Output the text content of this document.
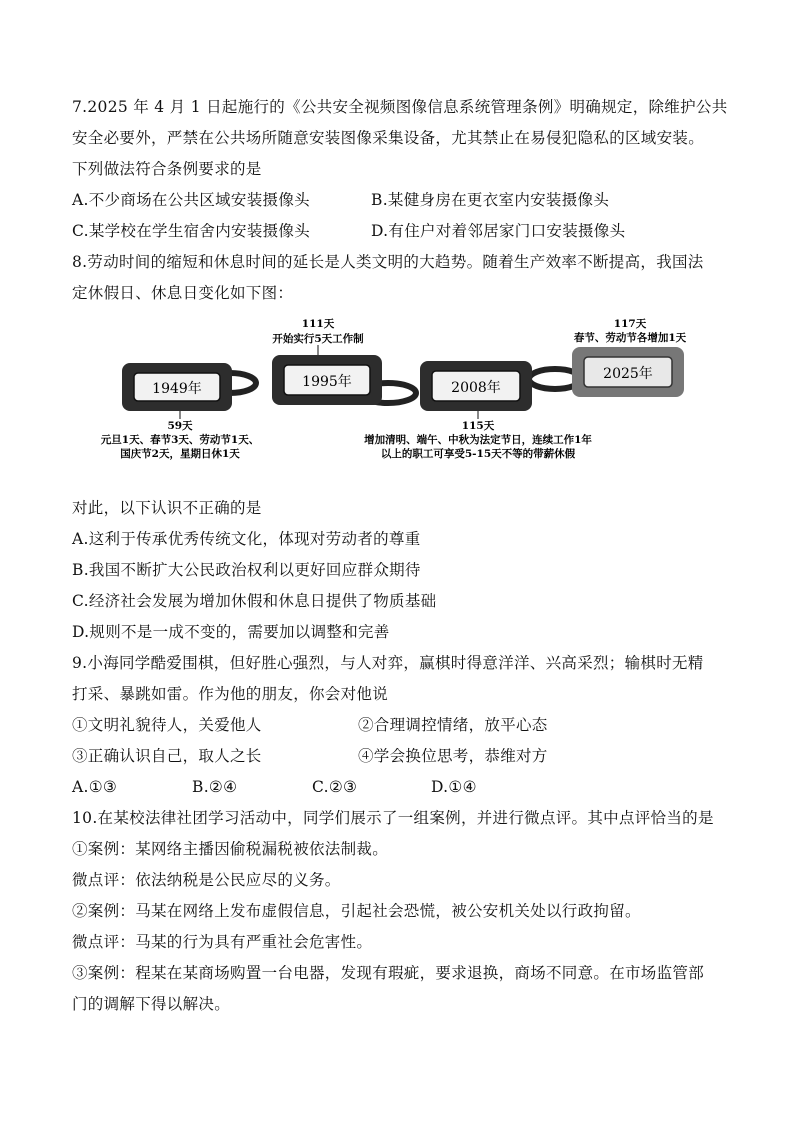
7.2025 年 4 月 1 日起施行的《公共安全视频图像信息系统管理条例》明确规定，除维护公共
安全必要外，严禁在公共场所随意安装图像采集设备，尤其禁止在易侵犯隐私的区域安装。
下列做法符合条例要求的是
A.不少商场在公共区域安装摄像头	B.某健身房在更衣室内安装摄像头
C.某学校在学生宿舍内安装摄像头	D.有住户对着邻居家门口安装摄像头
8.劳动时间的缩短和休息时间的延长是人类文明的大趋势。随着生产效率不断提高，我国法
定休假日、休息日变化如下图：
1949年	1995年	2008年
2025年
111天
开始实行5天工作制
117天
春节、劳动节各增加1天
59天
元旦1天、春节3天、劳动节1天、
国庆节2天，星期日休1天
115天
增加清明、端午、中秋为法定节日，连续工作1年
以上的职工可享受5-15天不等的带薪休假
对此，以下认识不正确的是
A.这利于传承优秀传统文化，体现对劳动者的尊重
B.我国不断扩大公民政治权利以更好回应群众期待
C.经济社会发展为增加休假和休息日提供了物质基础
D.规则不是一成不变的，需要加以调整和完善
9.小海同学酷爱围棋，但好胜心强烈，与人对弈，赢棋时得意洋洋、兴高采烈；输棋时无精
打采、暴跳如雷。作为他的朋友，你会对他说
①文明礼貌待人，关爱他人	②合理调控情绪，放平心态
③正确认识自己，取人之长	④学会换位思考，恭维对方
A.①③	B.②④	C.②③	D.①④
10.在某校法律社团学习活动中，同学们展示了一组案例，并进行微点评。其中点评恰当的是
①案例：某网络主播因偷税漏税被依法制裁。
微点评：依法纳税是公民应尽的义务。
②案例：马某在网络上发布虚假信息，引起社会恐慌，被公安机关处以行政拘留。
微点评：马某的行为具有严重社会危害性。
③案例：程某在某商场购置一台电器，发现有瑕疵，要求退换，商场不同意。在市场监管部
门的调解下得以解决。
